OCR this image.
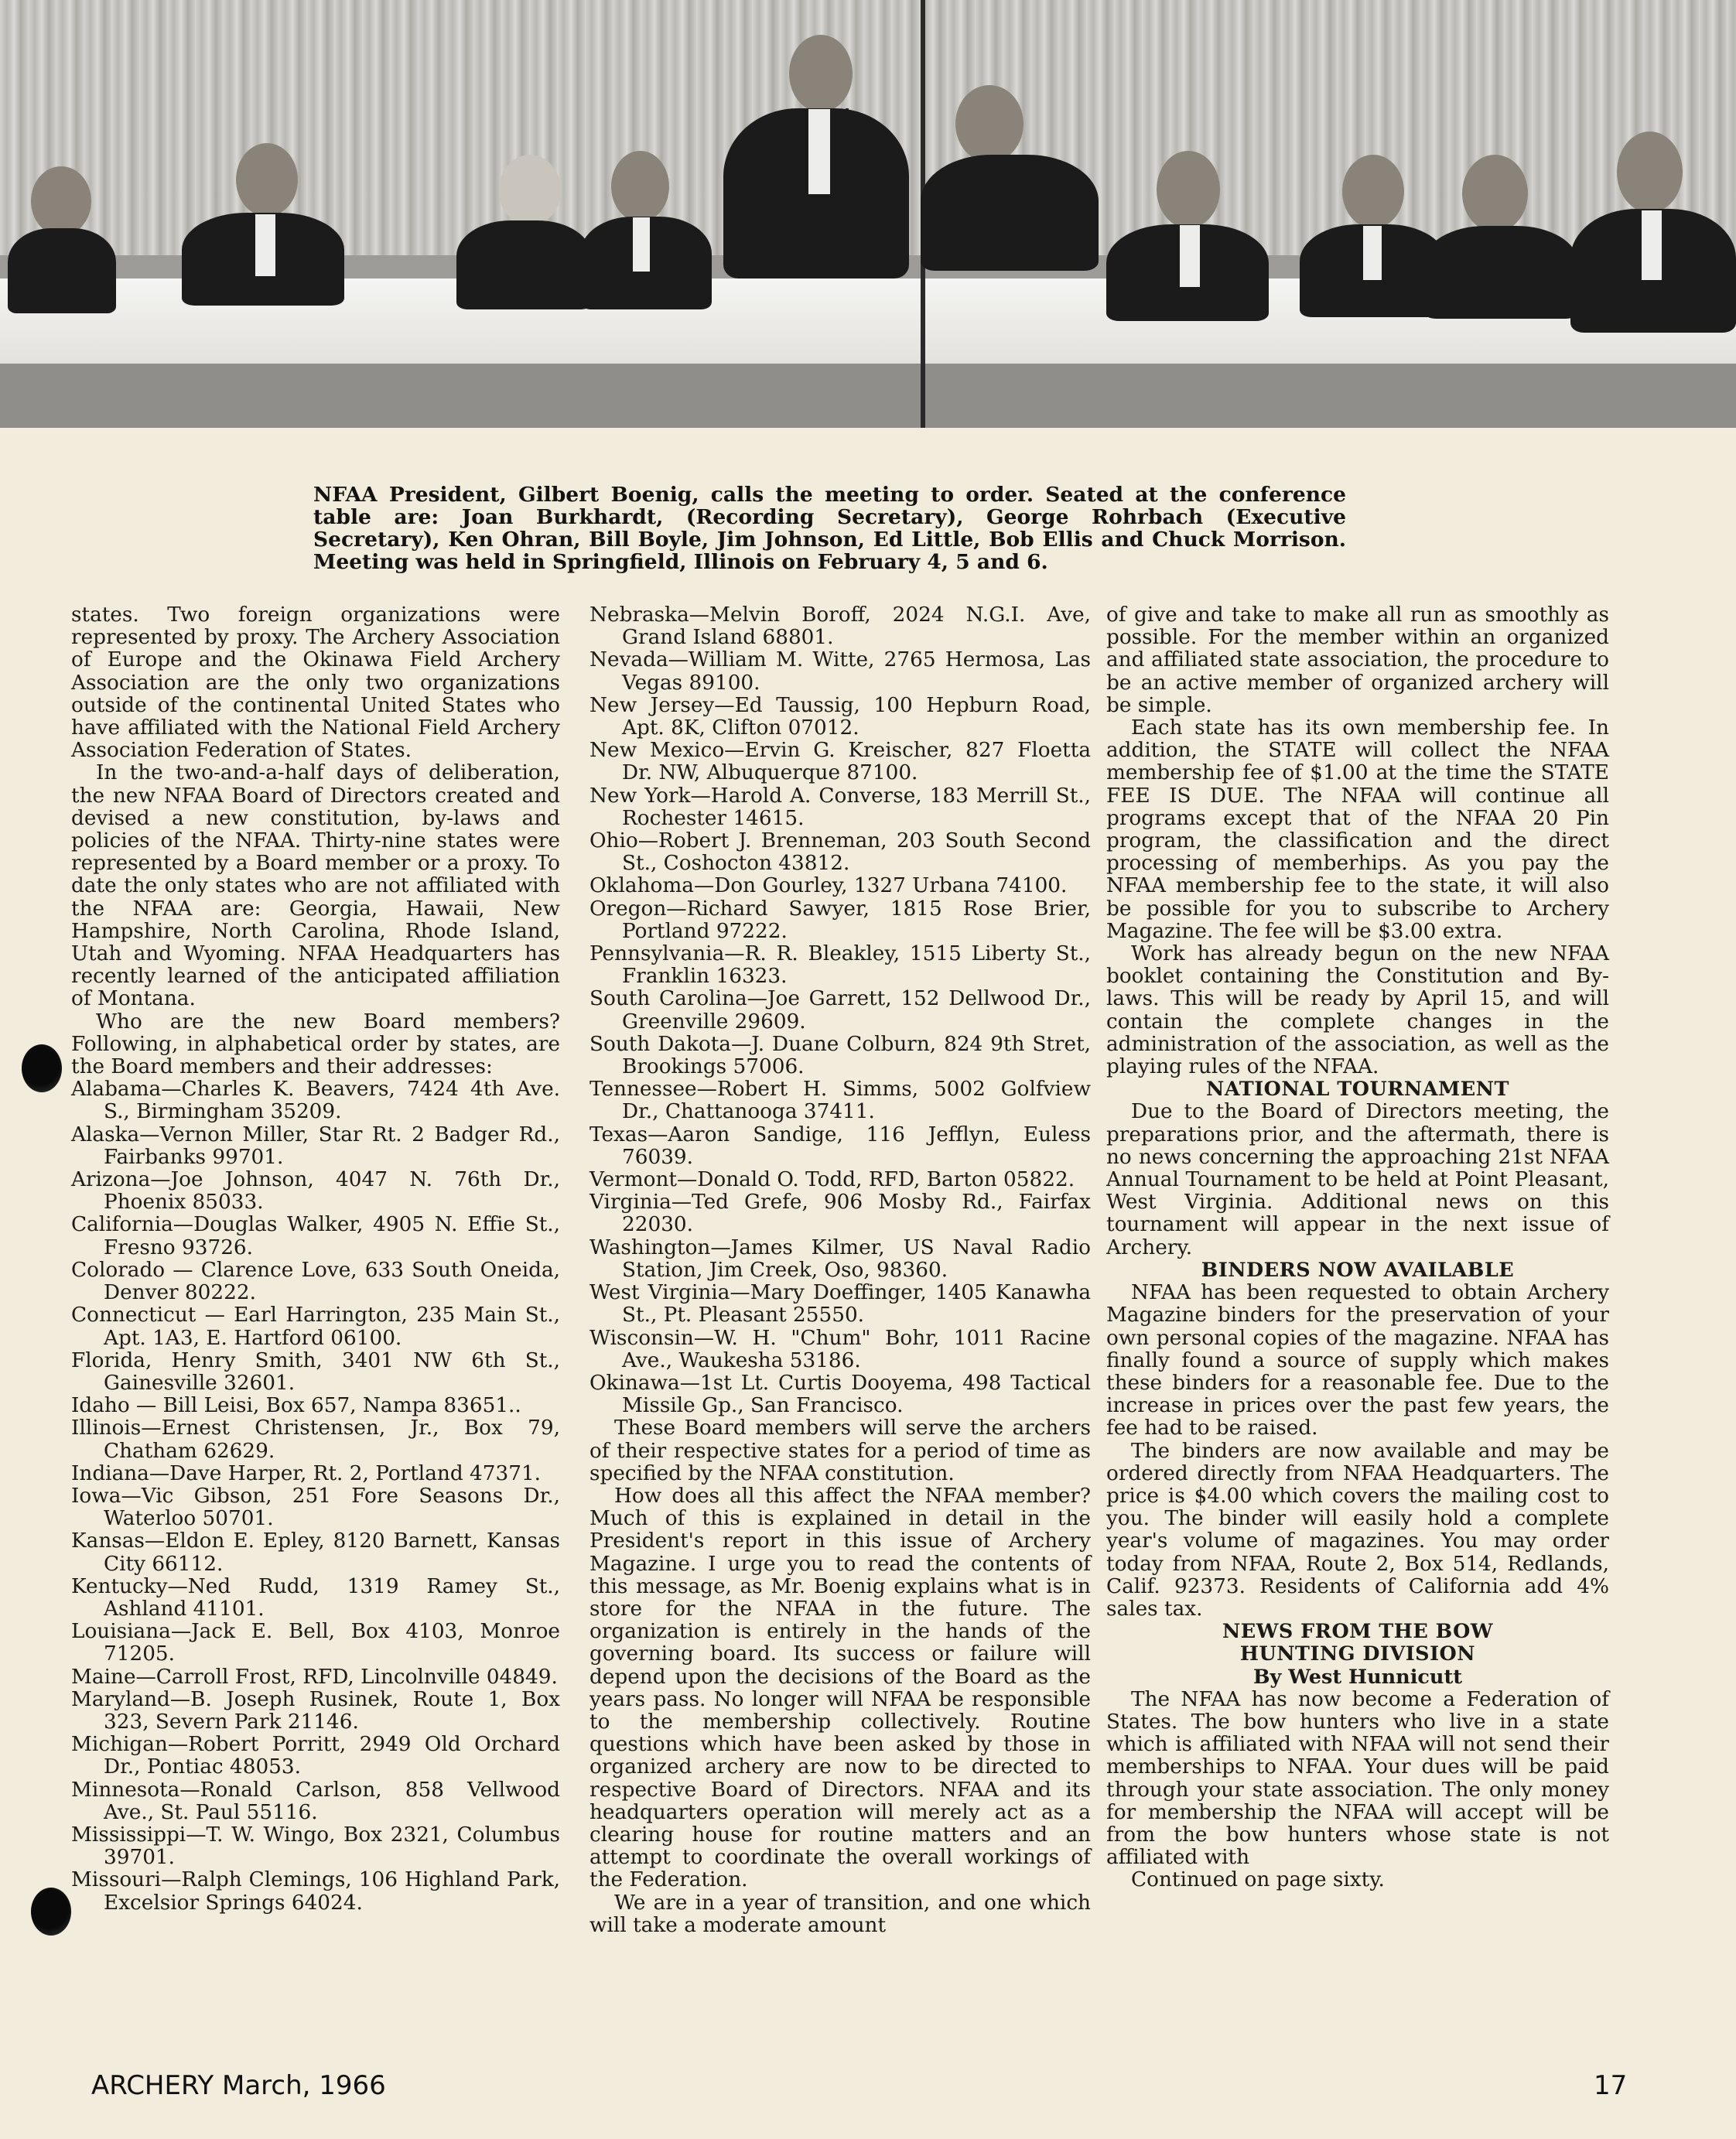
NFAA President, Gilbert Boenig, calls the meeting to order. Seated at the conference table are: Joan Burkhardt, (Recording Secretary), George Rohrbach (Executive Secretary), Ken Ohran, Bill Boyle, Jim Johnson, Ed Little, Bob Ellis and Chuck Morrison. Meeting was held in Springfield, Illinois on February 4, 5 and 6.

states. Two foreign organizations were represented by proxy. The Archery Association of Europe and the Okinawa Field Archery Association are the only two organizations outside of the continental United States who have affiliated with the National Field Archery Association Federation of States.

In the two-and-a-half days of deliberation, the new NFAA Board of Directors created and devised a new constitution, by-laws and policies of the NFAA. Thirty-nine states were represented by a Board member or a proxy. To date the only states who are not affiliated with the NFAA are: Georgia, Hawaii, New Hampshire, North Carolina, Rhode Island, Utah and Wyoming. NFAA Headquarters has recently learned of the anticipated affiliation of Montana.

Who are the new Board members? Following, in alphabetical order by states, are the Board members and their addresses:

Alabama—Charles K. Beavers, 7424 4th Ave. S., Birmingham 35209.

Alaska—Vernon Miller, Star Rt. 2 Badger Rd., Fairbanks 99701.

Arizona—Joe Johnson, 4047 N. 76th Dr., Phoenix 85033.

California—Douglas Walker, 4905 N. Effie St., Fresno 93726.

Colorado — Clarence Love, 633 South Oneida, Denver 80222.

Connecticut — Earl Harrington, 235 Main St., Apt. 1A3, E. Hartford 06100.

Florida, Henry Smith, 3401 NW 6th St., Gainesville 32601.

Idaho — Bill Leisi, Box 657, Nampa 83651..

Illinois—Ernest Christensen, Jr., Box 79, Chatham 62629.

Indiana—Dave Harper, Rt. 2, Portland 47371.

Iowa—Vic Gibson, 251 Fore Seasons Dr., Waterloo 50701.

Kansas—Eldon E. Epley, 8120 Barnett, Kansas City 66112.

Kentucky—Ned Rudd, 1319 Ramey St., Ashland 41101.

Louisiana—Jack E. Bell, Box 4103, Monroe 71205.

Maine—Carroll Frost, RFD, Lincolnville 04849.

Maryland—B. Joseph Rusinek, Route 1, Box 323, Severn Park 21146.

Michigan—Robert Porritt, 2949 Old Orchard Dr., Pontiac 48053.

Minnesota—Ronald Carlson, 858 Vellwood Ave., St. Paul 55116.

Mississippi—T. W. Wingo, Box 2321, Columbus 39701.

Missouri—Ralph Clemings, 106 Highland Park, Excelsior Springs 64024.

Nebraska—Melvin Boroff, 2024 N.G.I. Ave, Grand Island 68801.

Nevada—William M. Witte, 2765 Hermosa, Las Vegas 89100.

New Jersey—Ed Taussig, 100 Hepburn Road, Apt. 8K, Clifton 07012.

New Mexico—Ervin G. Kreischer, 827 Floetta Dr. NW, Albuquerque 87100.

New York—Harold A. Converse, 183 Merrill St., Rochester 14615.

Ohio—Robert J. Brenneman, 203 South Second St., Coshocton 43812.

Oklahoma—Don Gourley, 1327 Urbana 74100.

Oregon—Richard Sawyer, 1815 Rose Brier, Portland 97222.

Pennsylvania—R. R. Bleakley, 1515 Liberty St., Franklin 16323.

South Carolina—Joe Garrett, 152 Dellwood Dr., Greenville 29609.

South Dakota—J. Duane Colburn, 824 9th Stret, Brookings 57006.

Tennessee—Robert H. Simms, 5002 Golfview Dr., Chattanooga 37411.

Texas—Aaron Sandige, 116 Jefflyn, Euless 76039.

Vermont—Donald O. Todd, RFD, Barton 05822.

Virginia—Ted Grefe, 906 Mosby Rd., Fairfax 22030.

Washington—James Kilmer, US Naval Radio Station, Jim Creek, Oso, 98360.

West Virginia—Mary Doeffinger, 1405 Kanawha St., Pt. Pleasant 25550.

Wisconsin—W. H. "Chum" Bohr, 1011 Racine Ave., Waukesha 53186.

Okinawa—1st Lt. Curtis Dooyema, 498 Tactical Missile Gp., San Francisco.

These Board members will serve the archers of their respective states for a period of time as specified by the NFAA constitution.

How does all this affect the NFAA member? Much of this is explained in detail in the President's report in this issue of Archery Magazine. I urge you to read the contents of this message, as Mr. Boenig explains what is in store for the NFAA in the future. The organization is entirely in the hands of the governing board. Its success or failure will depend upon the decisions of the Board as the years pass. No longer will NFAA be responsible to the membership collectively. Routine questions which have been asked by those in organized archery are now to be directed to respective Board of Directors. NFAA and its headquarters operation will merely act as a clearing house for routine matters and an attempt to coordinate the overall workings of the Federation.

We are in a year of transition, and one which will take a moderate amount

of give and take to make all run as smoothly as possible. For the member within an organized and affiliated state association, the procedure to be an active member of organized archery will be simple.

Each state has its own membership fee. In addition, the STATE will collect the NFAA membership fee of $1.00 at the time the STATE FEE IS DUE. The NFAA will continue all programs except that of the NFAA 20 Pin program, the classification and the direct processing of memberhips. As you pay the NFAA membership fee to the state, it will also be possible for you to subscribe to Archery Magazine. The fee will be $3.00 extra.

Work has already begun on the new NFAA booklet containing the Constitution and By-laws. This will be ready by April 15, and will contain the complete changes in the administration of the association, as well as the playing rules of the NFAA.

NATIONAL TOURNAMENT

Due to the Board of Directors meeting, the preparations prior, and the aftermath, there is no news concerning the approaching 21st NFAA Annual Tournament to be held at Point Pleasant, West Virginia. Additional news on this tournament will appear in the next issue of Archery.

BINDERS NOW AVAILABLE

NFAA has been requested to obtain Archery Magazine binders for the preservation of your own personal copies of the magazine. NFAA has finally found a source of supply which makes these binders for a reasonable fee. Due to the increase in prices over the past few years, the fee had to be raised.

The binders are now available and may be ordered directly from NFAA Headquarters. The price is $4.00 which covers the mailing cost to you. The binder will easily hold a complete year's volume of magazines. You may order today from NFAA, Route 2, Box 514, Redlands, Calif. 92373. Residents of California add 4% sales tax.

NEWS FROM THE BOW

HUNTING DIVISION

By West Hunnicutt

The NFAA has now become a Federation of States. The bow hunters who live in a state which is affiliated with NFAA will not send their memberships to NFAA. Your dues will be paid through your state association. The only money for membership the NFAA will accept will be from the bow hunters whose state is not affiliated with

Continued on page sixty.

ARCHERY March, 1966	17
